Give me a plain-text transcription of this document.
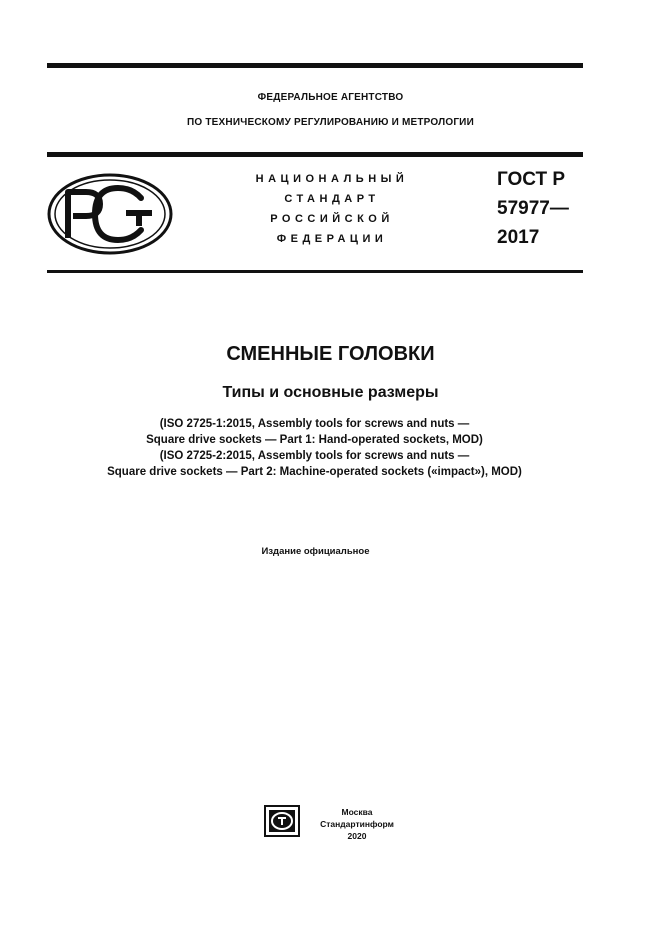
ФЕДЕРАЛЬНОЕ АГЕНТСТВО
ПО ТЕХНИЧЕСКОМУ РЕГУЛИРОВАНИЮ И МЕТРОЛОГИИ
НАЦИОНАЛЬНЫЙ
СТАНДАРТ
РОССИЙСКОЙ
ФЕДЕРАЦИИ
ГОСТ Р
57977—
2017
СМЕННЫЕ ГОЛОВКИ
Типы и основные размеры
(ISO 2725-1:2015, Assembly tools for screws and nuts —
Square drive sockets — Part 1: Hand-operated sockets, MOD)
(ISO 2725-2:2015, Assembly tools for screws and nuts —
Square drive sockets — Part 2: Machine-operated sockets («impact»), MOD)
Издание официальное
Москва
Стандартинформ
2020
